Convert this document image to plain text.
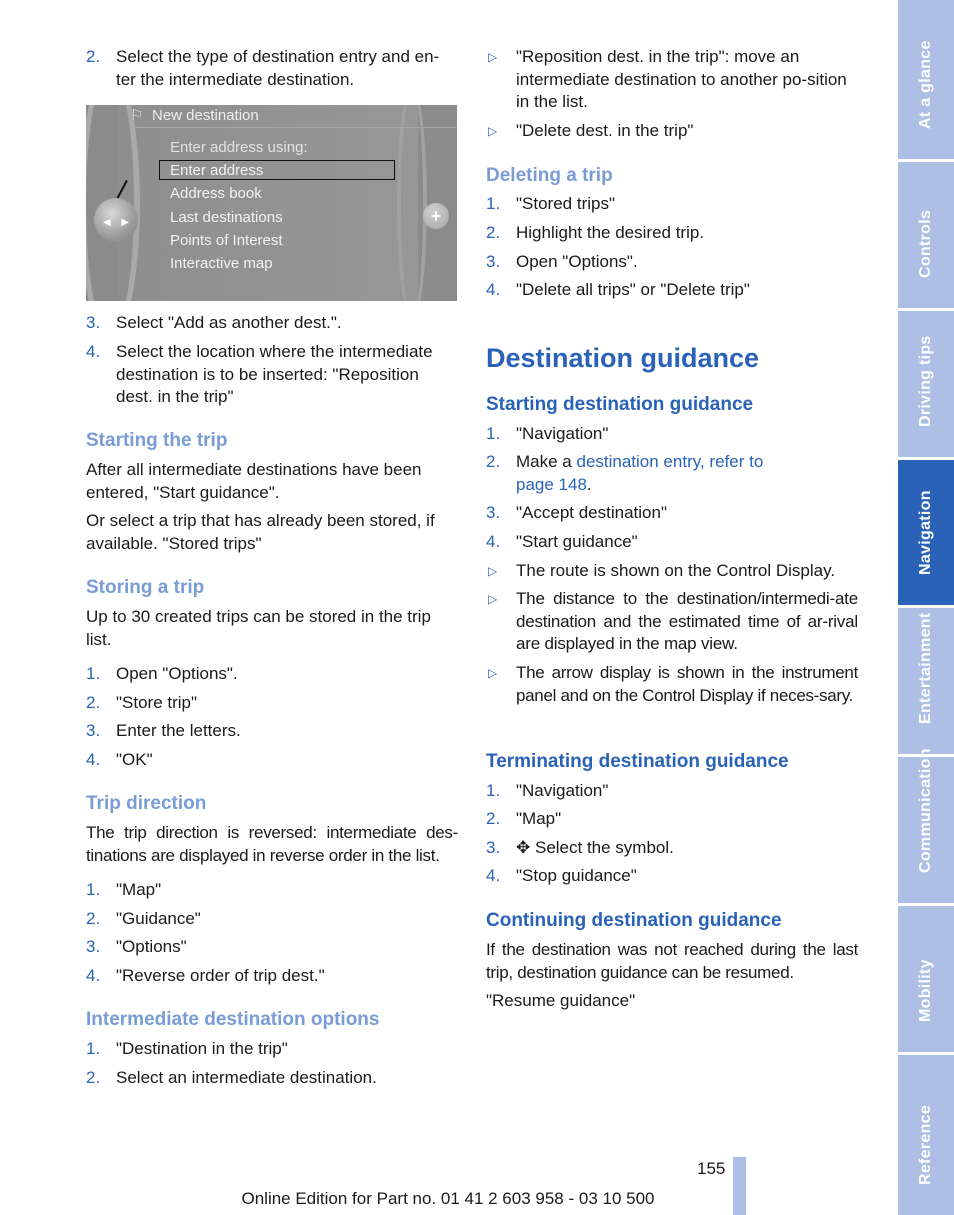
2. Select the type of destination entry and en-ter the intermediate destination.
⚐ New destination
Enter address using:
Enter address
Address book
Last destinations
Points of Interest
Interactive map
◀ ▶	+
3. Select "Add as another dest.".
4. Select the location where the intermediate destination is to be inserted: "Reposition dest. in the trip"
Starting the trip
After all intermediate destinations have been entered, "Start guidance".
Or select a trip that has already been stored, if available. "Stored trips"
Storing a trip
Up to 30 created trips can be stored in the trip list.
1. Open "Options".
2. "Store trip"
3. Enter the letters.
4. "OK"
Trip direction
The trip direction is reversed: intermediate des-tinations are displayed in reverse order in the list.
1. "Map"
2. "Guidance"
3. "Options"
4. "Reverse order of trip dest."
Intermediate destination options
1. "Destination in the trip"
2. Select an intermediate destination.
▷ "Reposition dest. in the trip": move an intermediate destination to another po-sition in the list.
▷ "Delete dest. in the trip"
Deleting a trip
1. "Stored trips"
2. Highlight the desired trip.
3. Open "Options".
4. "Delete all trips" or "Delete trip"
Destination guidance
Starting destination guidance
1. "Navigation"
2. Make a destination entry, refer to page 148.
3. "Accept destination"
4. "Start guidance"
▷ The route is shown on the Control Display.
▷ The distance to the destination/intermedi-ate destination and the estimated time of ar-rival are displayed in the map view.
▷ The arrow display is shown in the instrument panel and on the Control Display if neces-sary.
Terminating destination guidance
1. "Navigation"
2. "Map"
3. ✥ Select the symbol.
4. "Stop guidance"
Continuing destination guidance
If the destination was not reached during the last trip, destination guidance can be resumed.
"Resume guidance"
At a glance
Controls
Driving tips
Navigation
Entertainment
Communication
Mobility
Reference
155
Online Edition for Part no. 01 41 2 603 958 - 03 10 500
